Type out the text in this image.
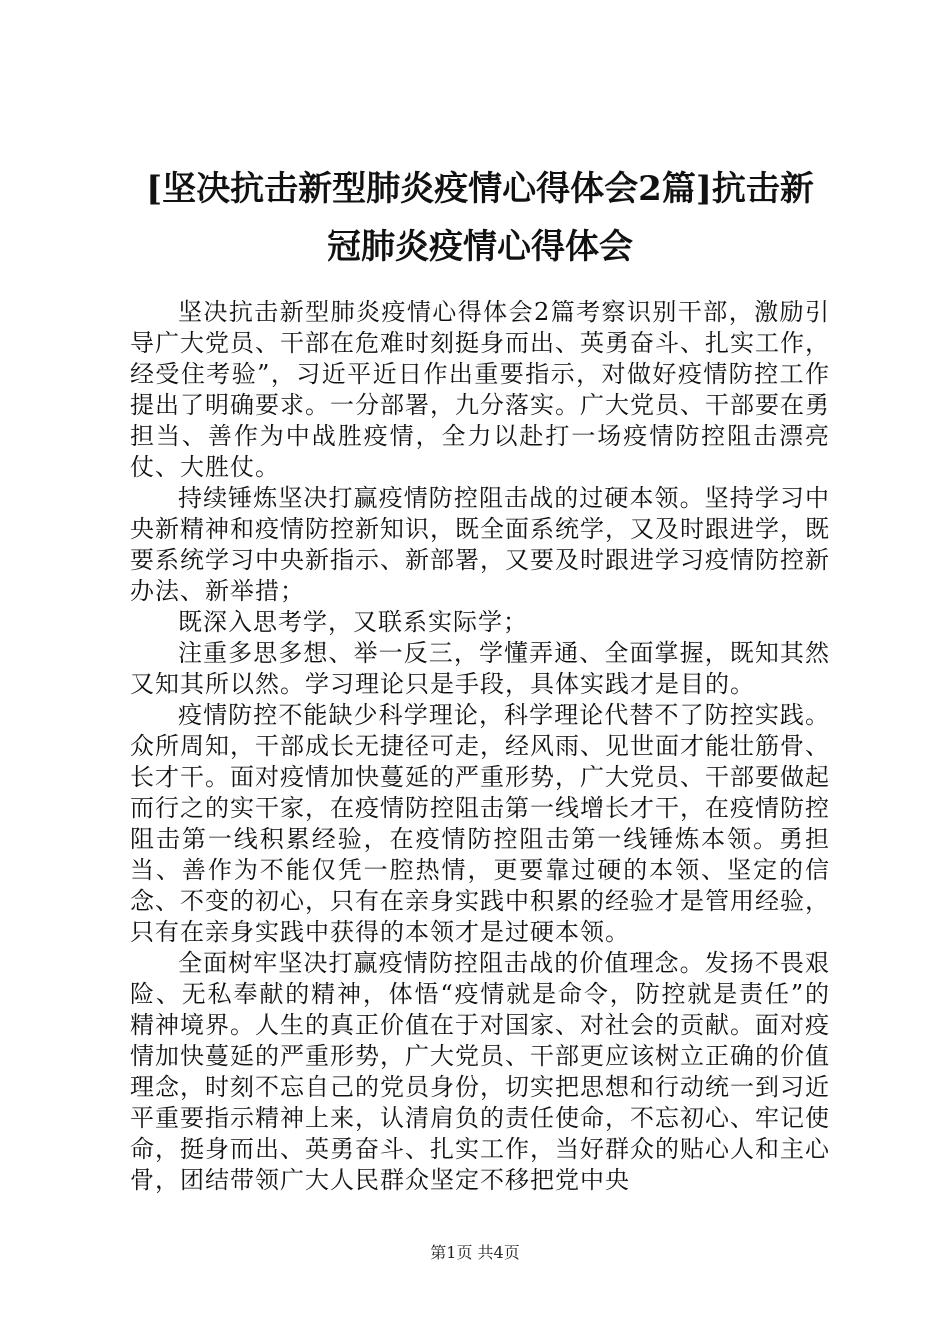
[坚决抗击新型肺炎疫情心得体会2篇]抗击新
冠肺炎疫情心得体会

坚决抗击新型肺炎疫情心得体会2篇考察识别干部，激励引导广大党员、干部在危难时刻挺身而出、英勇奋斗、扎实工作，经受住考验”，习近平近日作出重要指示，对做好疫情防控工作提出了明确要求。一分部署，九分落实。广大党员、干部要在勇担当、善作为中战胜疫情，全力以赴打一场疫情防控阻击漂亮仗、大胜仗。

持续锤炼坚决打赢疫情防控阻击战的过硬本领。坚持学习中央新精神和疫情防控新知识，既全面系统学，又及时跟进学，既要系统学习中央新指示、新部署，又要及时跟进学习疫情防控新办法、新举措；

既深入思考学，又联系实际学；

注重多思多想、举一反三，学懂弄通、全面掌握，既知其然又知其所以然。学习理论只是手段，具体实践才是目的。

疫情防控不能缺少科学理论，科学理论代替不了防控实践。众所周知，干部成长无捷径可走，经风雨、见世面才能壮筋骨、长才干。面对疫情加快蔓延的严重形势，广大党员、干部要做起而行之的实干家，在疫情防控阻击第一线增长才干，在疫情防控阻击第一线积累经验，在疫情防控阻击第一线锤炼本领。勇担当、善作为不能仅凭一腔热情，更要靠过硬的本领、坚定的信念、不变的初心，只有在亲身实践中积累的经验才是管用经验，只有在亲身实践中获得的本领才是过硬本领。

全面树牢坚决打赢疫情防控阻击战的价值理念。发扬不畏艰险、无私奉献的精神，体悟“疫情就是命令，防控就是责任”的精神境界。人生的真正价值在于对国家、对社会的贡献。面对疫情加快蔓延的严重形势，广大党员、干部更应该树立正确的价值理念，时刻不忘自己的党员身份，切实把思想和行动统一到习近平重要指示精神上来，认清肩负的责任使命，不忘初心、牢记使命，挺身而出、英勇奋斗、扎实工作，当好群众的贴心人和主心骨，团结带领广大人民群众坚定不移把党中央

第1页 共4页
